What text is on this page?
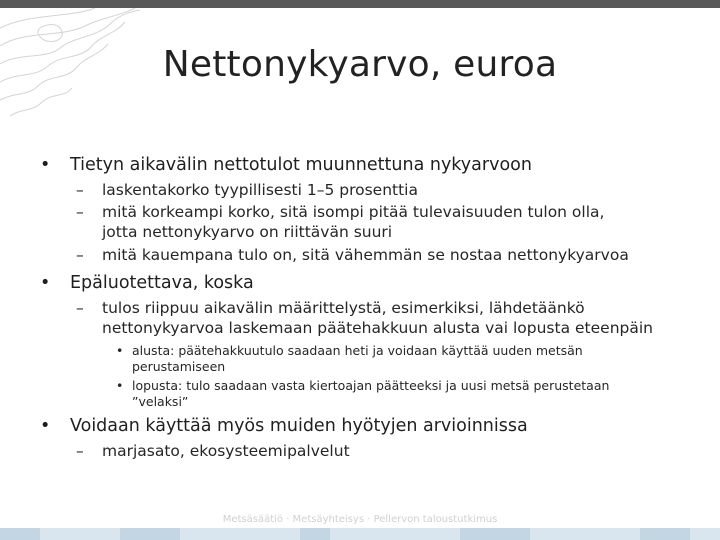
Nettonykyarvo, euroa
• Tietyn aikavälin nettotulot muunnettuna nykyarvoon
– laskentakorko tyypillisesti 1–5 prosenttia
– mitä korkeampi korko, sitä isompi pitää tulevaisuuden tulon olla,
jotta nettonykyarvo on riittävän suuri
– mitä kauempana tulo on, sitä vähemmän se nostaa nettonykyarvoa
• Epäluotettava, koska
– tulos riippuu aikavälin määrittelystä, esimerkiksi, lähdetäänkö
nettonykyarvoa laskemaan päätehakkuun alusta vai lopusta eteenpäin
• alusta: päätehakkuutulo saadaan heti ja voidaan käyttää uuden metsän
perustamiseen
• lopusta: tulo saadaan vasta kiertoajan päätteeksi ja uusi metsä perustetaan
”velaksi”
• Voidaan käyttää myös muiden hyötyjen arvioinnissa
– marjasato, ekosysteemipalvelut
Metsäsäätiö · Metsäyhteisys · Pellervon taloustutkimus
